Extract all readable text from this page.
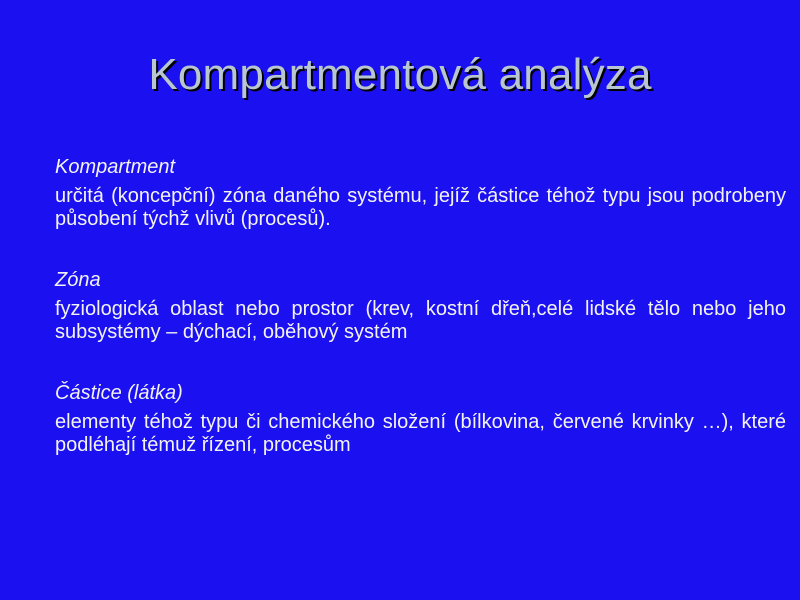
Kompartmentová analýza

Kompartment

určitá (koncepční) zóna daného systému, jejíž částice téhož typu jsou podrobeny působení týchž vlivů (procesů).

Zóna

fyziologická oblast nebo prostor (krev, kostní dřeň,celé lidské tělo nebo jeho subsystémy – dýchací, oběhový systém

Částice (látka)

elementy téhož typu či chemického složení (bílkovina, červené krvinky …), které podléhají témuž řízení, procesům
